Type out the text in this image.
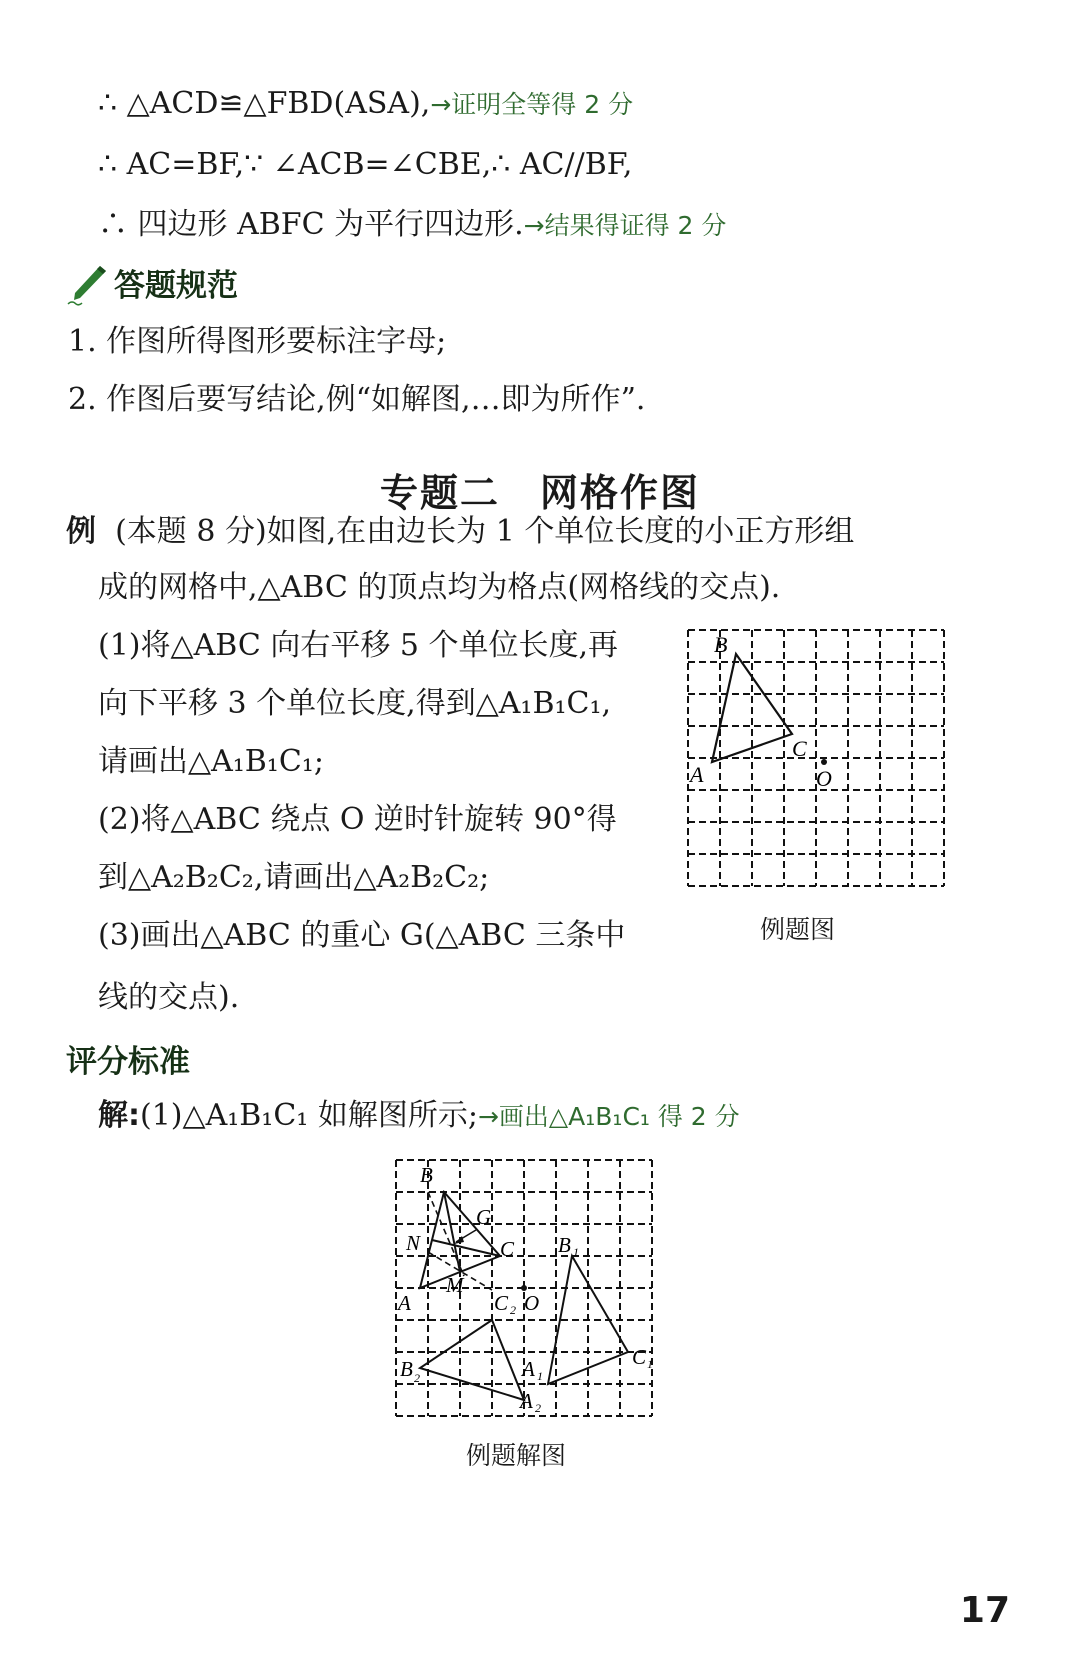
∴ △ACD≌△FBD(ASA),→证明全等得 2 分
∴ AC=BF,∵ ∠ACB=∠CBE,∴ AC//BF,
∴ 四边形 ABFC 为平行四边形.→结果得证得 2 分
答题规范
1. 作图所得图形要标注字母;
2. 作图后要写结论,例“如解图,…即为所作”.
专题二　网格作图
例 (本题 8 分)如图,在由边长为 1 个单位长度的小正方形组
成的网格中,△ABC 的顶点均为格点(网格线的交点).
(1)将△ABC 向右平移 5 个单位长度,再
向下平移 3 个单位长度,得到△A₁B₁C₁,
请画出△A₁B₁C₁;
(2)将△ABC 绕点 O 逆时针旋转 90°得
到△A₂B₂C₂,请画出△A₂B₂C₂;
(3)画出△ABC 的重心 G(△ABC 三条中
线的交点).
B
A
C
O
例题图
评分标准
解:(1)△A₁B₁C₁ 如解图所示;→画出△A₁B₁C₁ 得 2 分
B
N
G
C
M
A	C 2 O
B 1
C 1
A 1
B 2
A 2
例题解图
17
